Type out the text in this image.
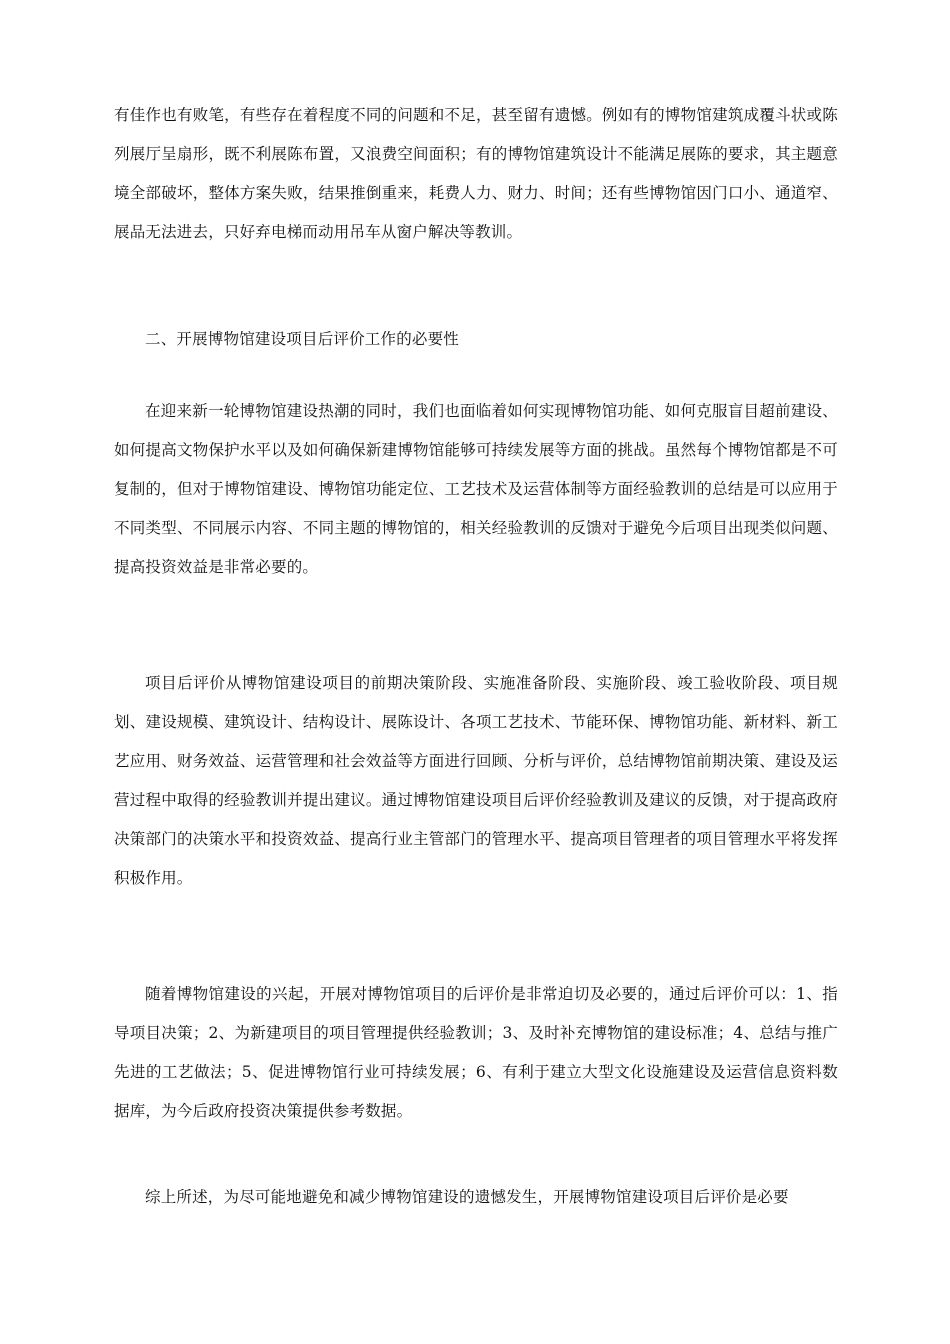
有佳作也有败笔，有些存在着程度不同的问题和不足，甚至留有遗憾。例如有的博物馆建筑成覆斗状或陈列展厅呈扇形，既不利展陈布置，又浪费空间面积；有的博物馆建筑设计不能满足展陈的要求，其主题意境全部破坏，整体方案失败，结果推倒重来，耗费人力、财力、时间；还有些博物馆因门口小、通道窄、展品无法进去，只好弃电梯而动用吊车从窗户解决等教训。

二、开展博物馆建设项目后评价工作的必要性

在迎来新一轮博物馆建设热潮的同时，我们也面临着如何实现博物馆功能、如何克服盲目超前建设、如何提高文物保护水平以及如何确保新建博物馆能够可持续发展等方面的挑战。虽然每个博物馆都是不可复制的，但对于博物馆建设、博物馆功能定位、工艺技术及运营体制等方面经验教训的总结是可以应用于不同类型、不同展示内容、不同主题的博物馆的，相关经验教训的反馈对于避免今后项目出现类似问题、提高投资效益是非常必要的。

项目后评价从博物馆建设项目的前期决策阶段、实施准备阶段、实施阶段、竣工验收阶段、项目规划、建设规模、建筑设计、结构设计、展陈设计、各项工艺技术、节能环保、博物馆功能、新材料、新工艺应用、财务效益、运营管理和社会效益等方面进行回顾、分析与评价，总结博物馆前期决策、建设及运营过程中取得的经验教训并提出建议。通过博物馆建设项目后评价经验教训及建议的反馈，对于提高政府决策部门的决策水平和投资效益、提高行业主管部门的管理水平、提高项目管理者的项目管理水平将发挥积极作用。

随着博物馆建设的兴起，开展对博物馆项目的后评价是非常迫切及必要的，通过后评价可以：1、指导项目决策；2、为新建项目的项目管理提供经验教训；3、及时补充博物馆的建设标准；4、总结与推广先进的工艺做法；5、促进博物馆行业可持续发展；6、有利于建立大型文化设施建设及运营信息资料数据库，为今后政府投资决策提供参考数据。

综上所述，为尽可能地避免和减少博物馆建设的遗憾发生，开展博物馆建设项目后评价是必要
